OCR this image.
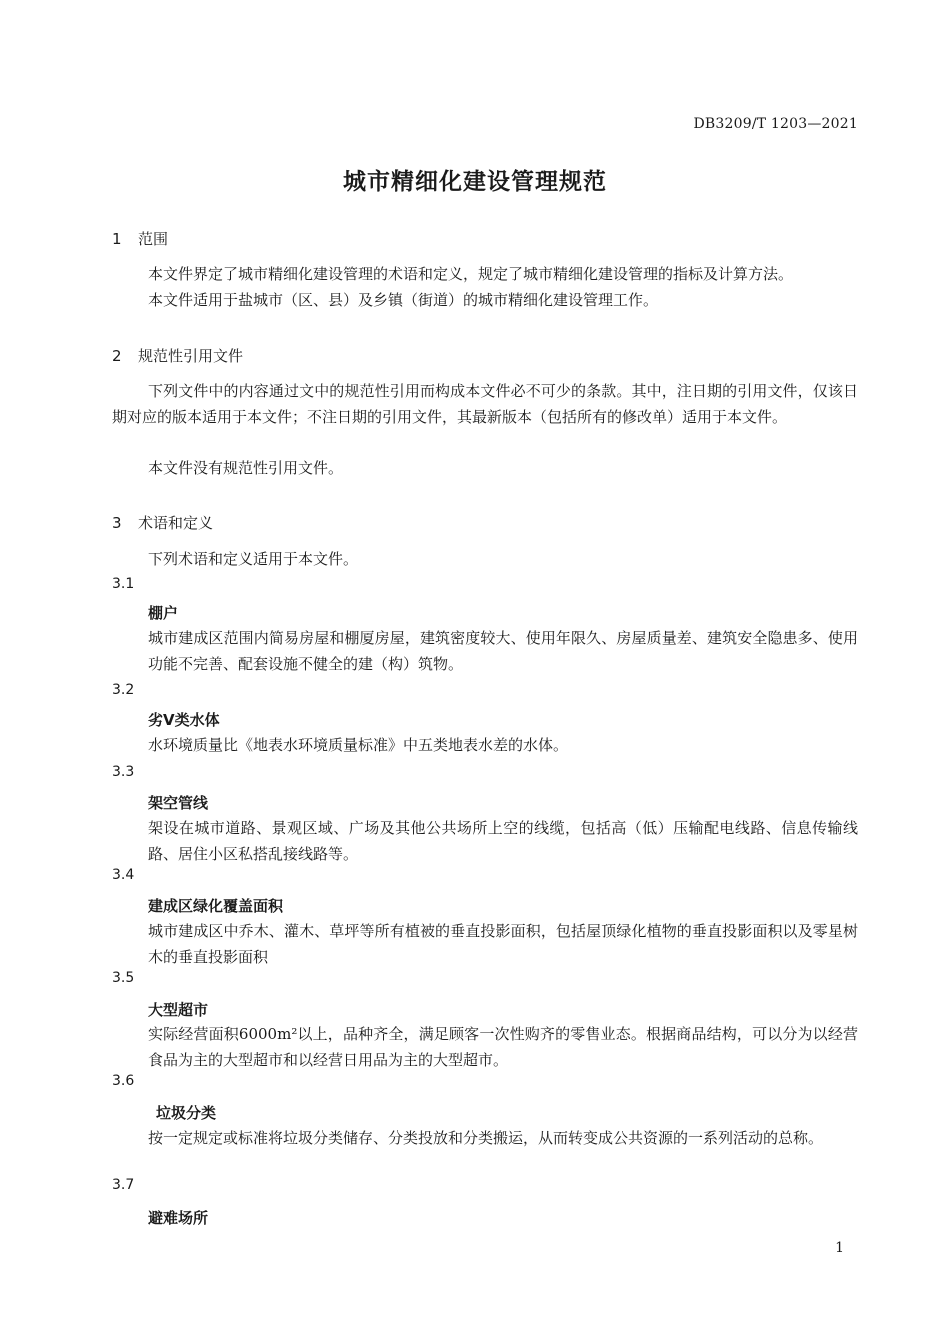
DB3209/T 1203—2021
城市精细化建设管理规范
1 范围
本文件界定了城市精细化建设管理的术语和定义，规定了城市精细化建设管理的指标及计算方法。
本文件适用于盐城市（区、县）及乡镇（街道）的城市精细化建设管理工作。
2 规范性引用文件
下列文件中的内容通过文中的规范性引用而构成本文件必不可少的条款。其中，注日期的引用文件，仅该日期对应的版本适用于本文件；不注日期的引用文件，其最新版本（包括所有的修改单）适用于本文件。
本文件没有规范性引用文件。
3 术语和定义
下列术语和定义适用于本文件。
3.1
棚户
城市建成区范围内简易房屋和棚厦房屋，建筑密度较大、使用年限久、房屋质量差、建筑安全隐患多、使用功能不完善、配套设施不健全的建（构）筑物。
3.2
劣Ⅴ类水体
水环境质量比《地表水环境质量标准》中五类地表水差的水体。
3.3
架空管线
架设在城市道路、景观区域、广场及其他公共场所上空的线缆，包括高（低）压输配电线路、信息传输线路、居住小区私搭乱接线路等。
3.4
建成区绿化覆盖面积
城市建成区中乔木、灌木、草坪等所有植被的垂直投影面积，包括屋顶绿化植物的垂直投影面积以及零星树木的垂直投影面积
3.5
大型超市
实际经营面积6000m²以上，品种齐全，满足顾客一次性购齐的零售业态。根据商品结构，可以分为以经营食品为主的大型超市和以经营日用品为主的大型超市。
3.6
垃圾分类
按一定规定或标准将垃圾分类储存、分类投放和分类搬运，从而转变成公共资源的一系列活动的总称。
3.7
避难场所
1
